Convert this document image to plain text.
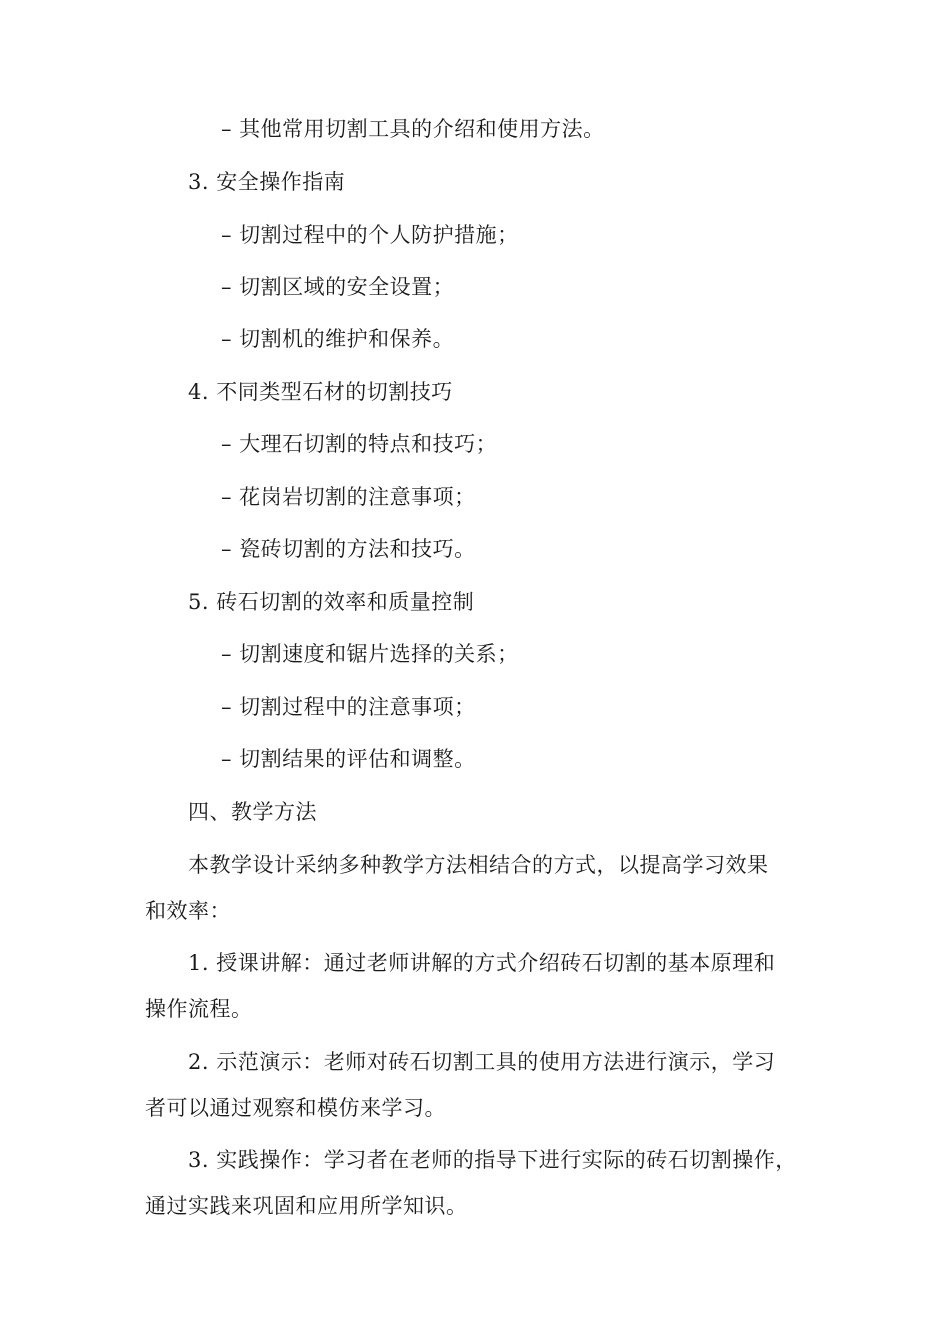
– 其他常用切割工具的介绍和使用方法。
3. 安全操作指南
– 切割过程中的个人防护措施；
– 切割区域的安全设置；
– 切割机的维护和保养。
4. 不同类型石材的切割技巧
– 大理石切割的特点和技巧；
– 花岗岩切割的注意事项；
– 瓷砖切割的方法和技巧。
5. 砖石切割的效率和质量控制
– 切割速度和锯片选择的关系；
– 切割过程中的注意事项；
– 切割结果的评估和调整。
四、教学方法
本教学设计采纳多种教学方法相结合的方式，以提高学习效果
和效率：
1. 授课讲解：通过老师讲解的方式介绍砖石切割的基本原理和
操作流程。
2. 示范演示：老师对砖石切割工具的使用方法进行演示，学习
者可以通过观察和模仿来学习。
3. 实践操作：学习者在老师的指导下进行实际的砖石切割操作，
通过实践来巩固和应用所学知识。
